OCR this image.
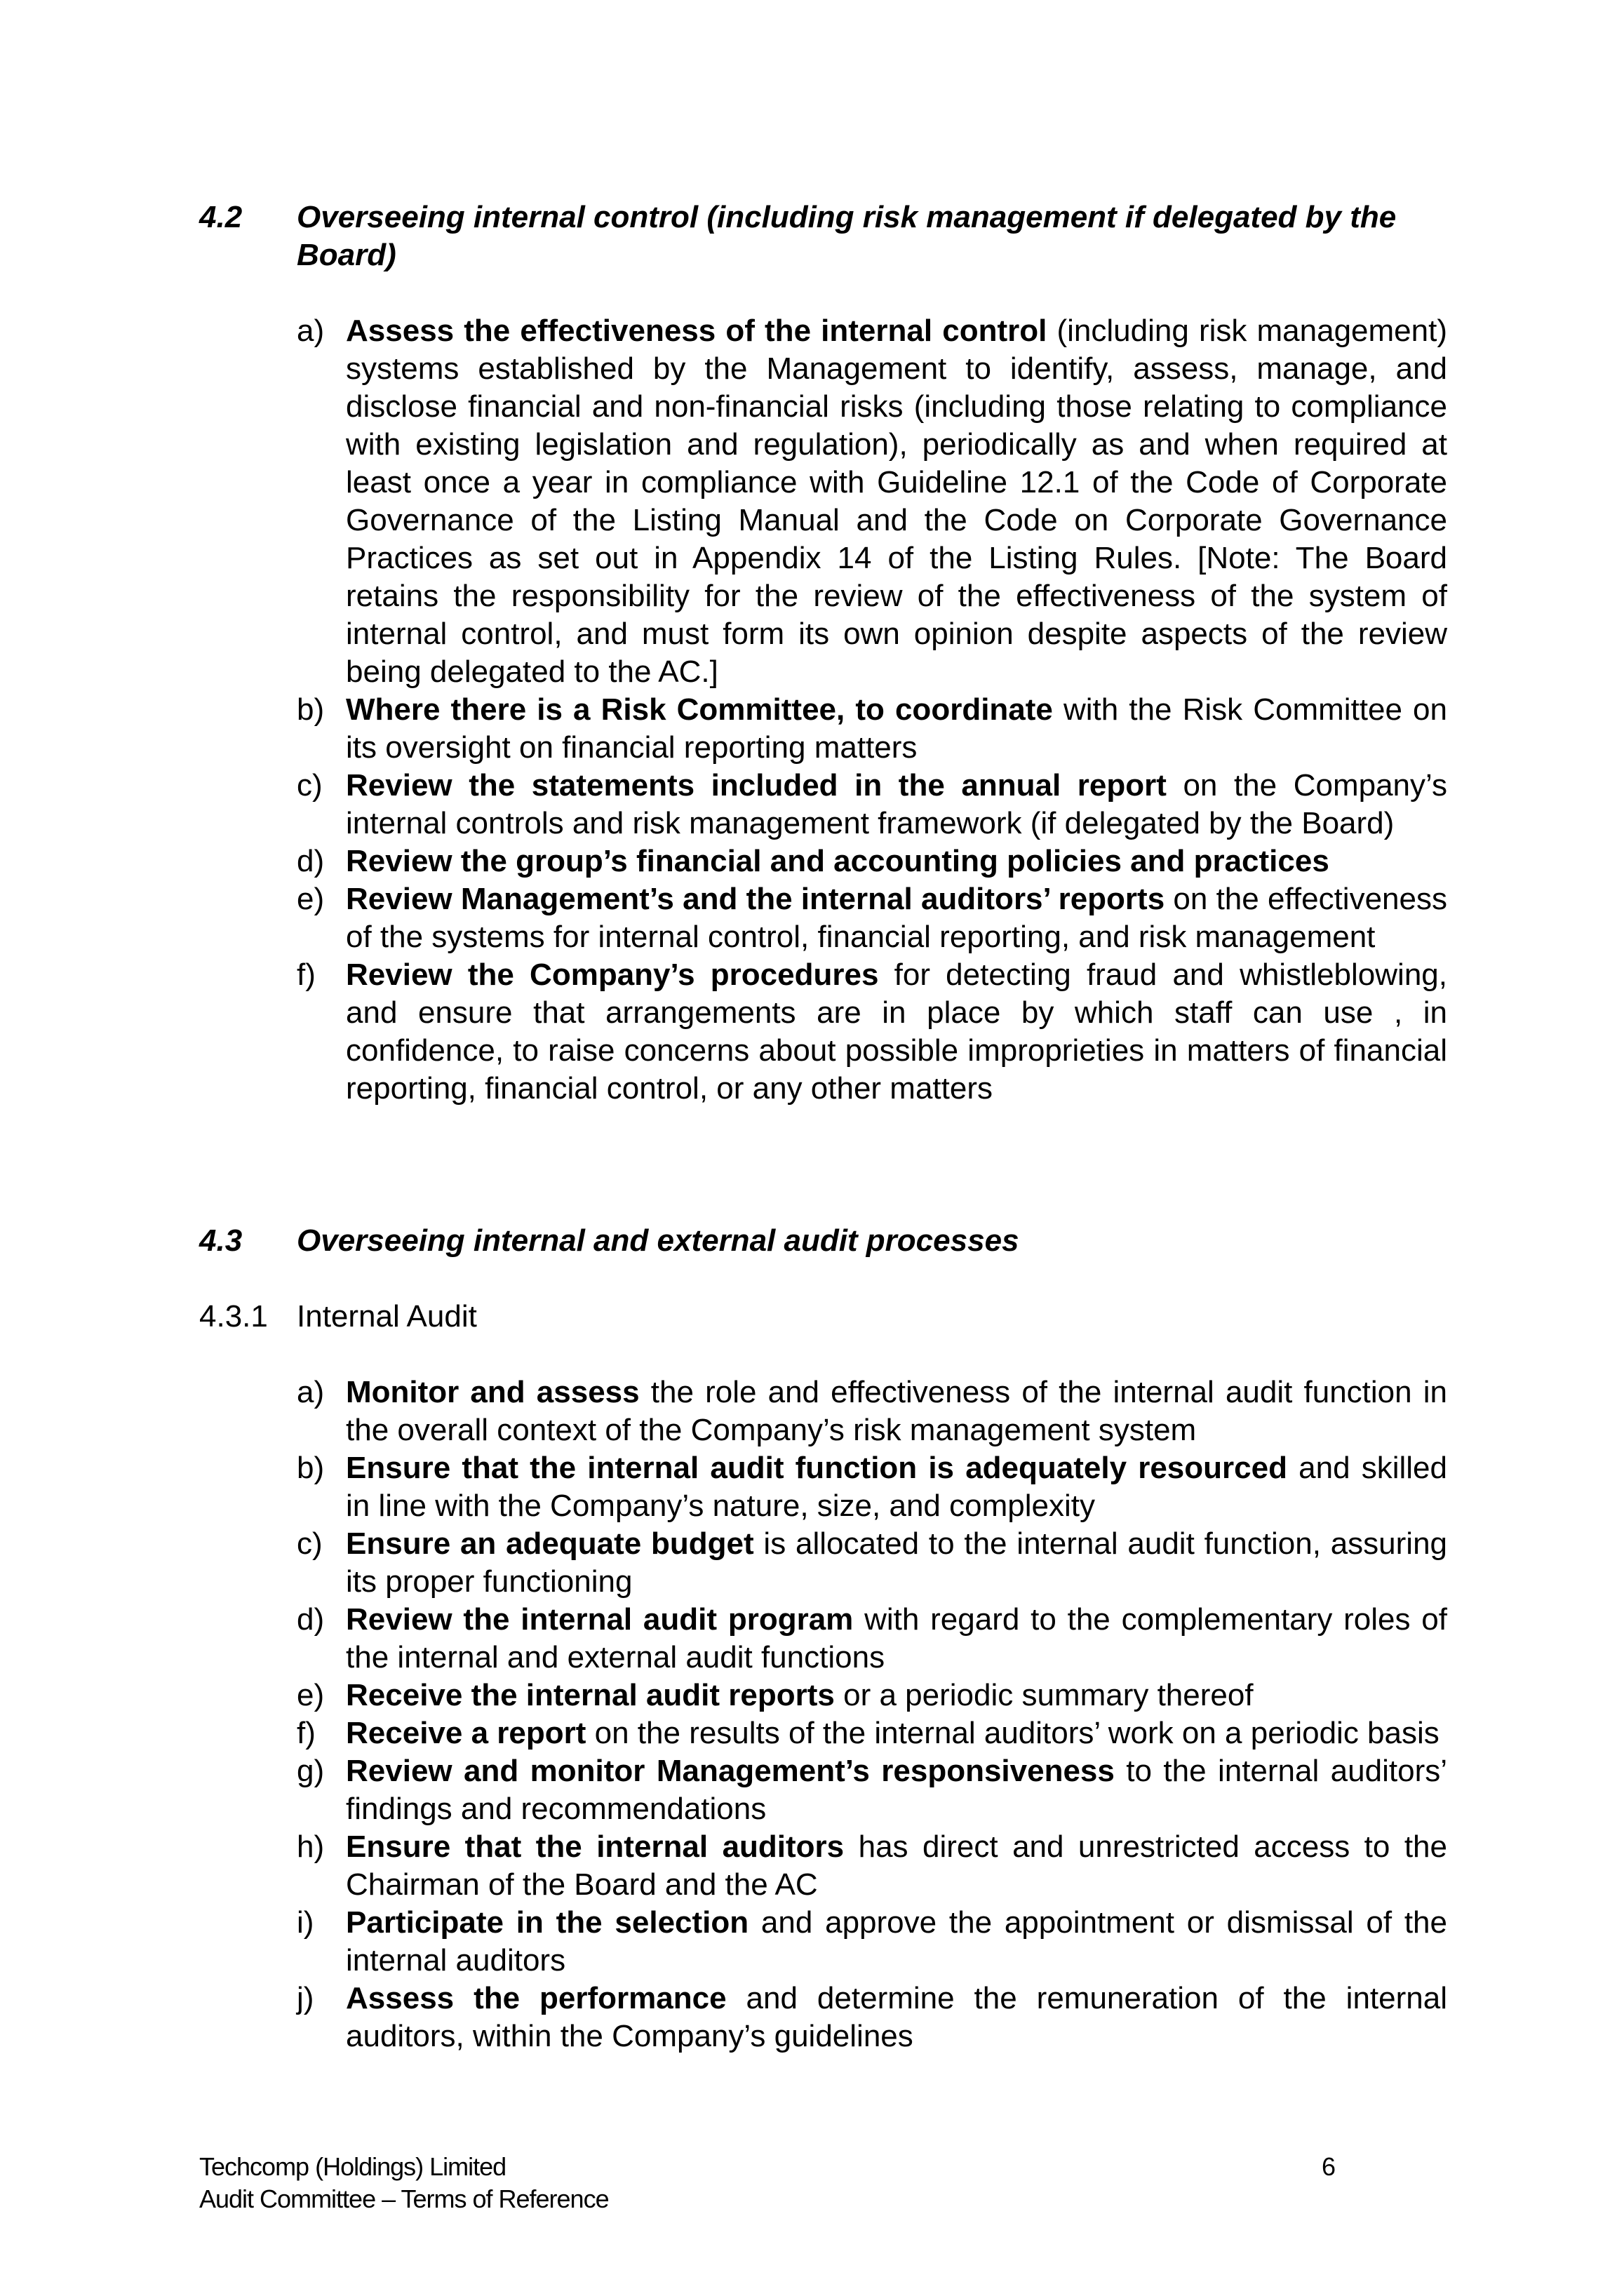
4.2 Overseeing internal control (including risk management if delegated by the Board)
a) Assess the effectiveness of the internal control (including risk management) systems established by the Management to identify, assess, manage, and disclose financial and non-financial risks (including those relating to compliance with existing legislation and regulation), periodically as and when required at least once a year in compliance with Guideline 12.1 of the Code of Corporate Governance of the Listing Manual and the Code on Corporate Governance Practices as set out in Appendix 14 of the Listing Rules. [Note: The Board retains the responsibility for the review of the effectiveness of the system of internal control, and must form its own opinion despite aspects of the review being delegated to the AC.]
b) Where there is a Risk Committee, to coordinate with the Risk Committee on its oversight on financial reporting matters
c) Review the statements included in the annual report on the Company’s internal controls and risk management framework (if delegated by the Board)
d) Review the group’s financial and accounting policies and practices
e) Review Management’s and the internal auditors’ reports on the effectiveness of the systems for internal control, financial reporting, and risk management
f) Review the Company’s procedures for detecting fraud and whistleblowing, and ensure that arrangements are in place by which staff can use , in confidence, to raise concerns about possible improprieties in matters of financial reporting, financial control, or any other matters
4.3 Overseeing internal and external audit processes
4.3.1 Internal Audit
a) Monitor and assess the role and effectiveness of the internal audit function in the overall context of the Company’s risk management system
b) Ensure that the internal audit function is adequately resourced and skilled in line with the Company’s nature, size, and complexity
c) Ensure an adequate budget is allocated to the internal audit function, assuring its proper functioning
d) Review the internal audit program with regard to the complementary roles of the internal and external audit functions
e) Receive the internal audit reports or a periodic summary thereof
f) Receive a report on the results of the internal auditors’ work on a periodic basis
g) Review and monitor Management’s responsiveness to the internal auditors’ findings and recommendations
h) Ensure that the internal auditors has direct and unrestricted access to the Chairman of the Board and the AC
i) Participate in the selection and approve the appointment or dismissal of the internal auditors
j) Assess the performance and determine the remuneration of the internal auditors, within the Company’s guidelines
Techcomp (Holdings) Limited
Audit Committee – Terms of Reference
6
